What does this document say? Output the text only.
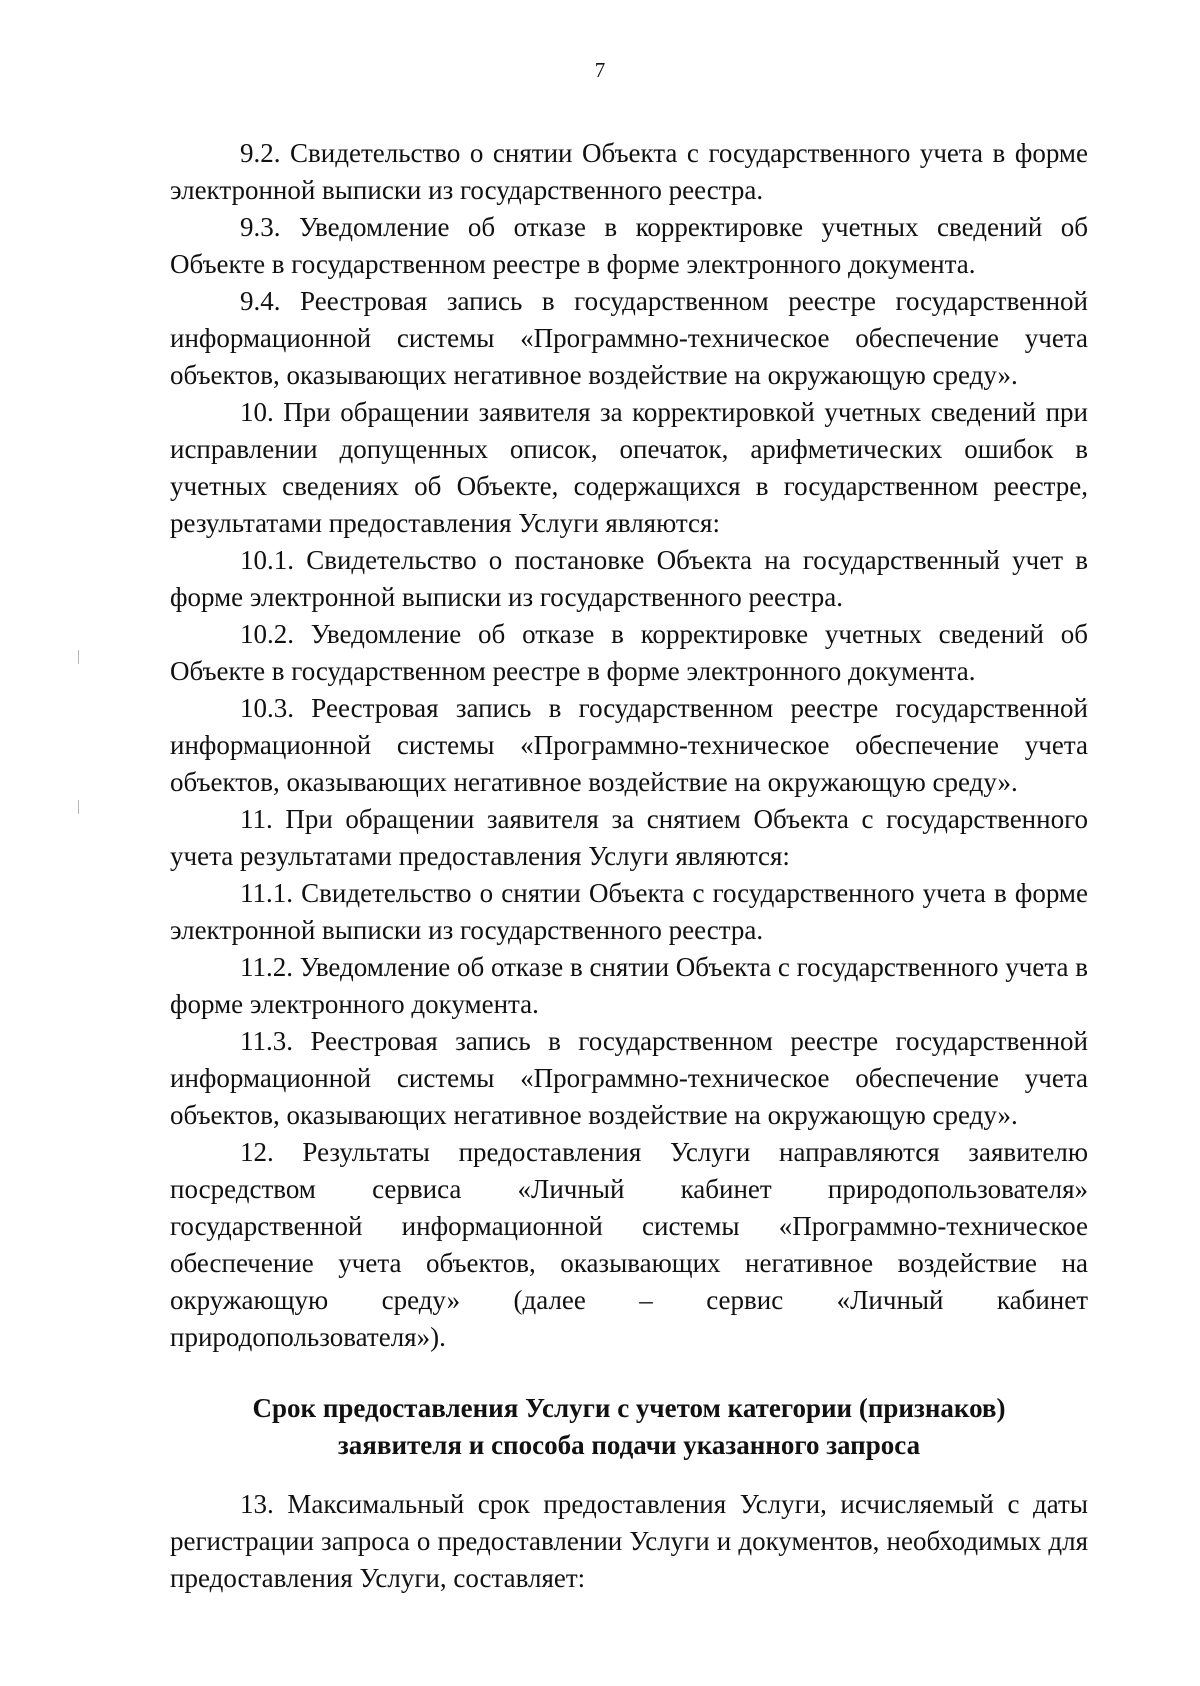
7

9.2. Свидетельство о снятии Объекта с государственного учета в форме электронной выписки из государственного реестра.

9.3. Уведомление об отказе в корректировке учетных сведений об Объекте в государственном реестре в форме электронного документа.

9.4. Реестровая запись в государственном реестре государственной информационной системы «Программно-техническое обеспечение учета объектов, оказывающих негативное воздействие на окружающую среду».

10. При обращении заявителя за корректировкой учетных сведений при исправлении допущенных описок, опечаток, арифметических ошибок в учетных сведениях об Объекте, содержащихся в государственном реестре, результатами предоставления Услуги являются:

10.1. Свидетельство о постановке Объекта на государственный учет в форме электронной выписки из государственного реестра.

10.2. Уведомление об отказе в корректировке учетных сведений об Объекте в государственном реестре в форме электронного документа.

10.3. Реестровая запись в государственном реестре государственной информационной системы «Программно-техническое обеспечение учета объектов, оказывающих негативное воздействие на окружающую среду».

11. При обращении заявителя за снятием Объекта с государственного учета результатами предоставления Услуги являются:

11.1. Свидетельство о снятии Объекта с государственного учета в форме электронной выписки из государственного реестра.

11.2. Уведомление об отказе в снятии Объекта с государственного учета в форме электронного документа.

11.3. Реестровая запись в государственном реестре государственной информационной системы «Программно-техническое обеспечение учета объектов, оказывающих негативное воздействие на окружающую среду».

12. Результаты предоставления Услуги направляются заявителю посредством сервиса «Личный кабинет природопользователя» государственной информационной системы «Программно-техническое обеспечение учета объектов, оказывающих негативное воздействие на окружающую среду» (далее – сервис «Личный кабинет природопользователя»).

Срок предоставления Услуги с учетом категории (признаков)
заявителя и способа подачи указанного запроса

13. Максимальный срок предоставления Услуги, исчисляемый с даты регистрации запроса о предоставлении Услуги и документов, необходимых для предоставления Услуги, составляет:
